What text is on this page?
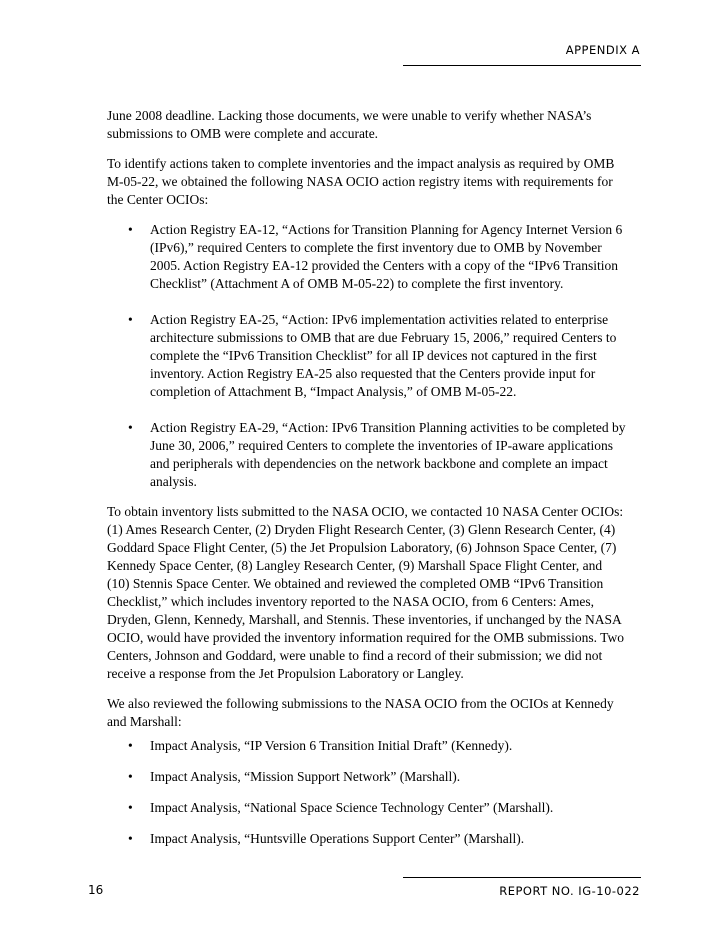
APPENDIX A

June 2008 deadline. Lacking those documents, we were unable to verify whether NASA’s submissions to OMB were complete and accurate.

To identify actions taken to complete inventories and the impact analysis as required by OMB M-05-22, we obtained the following NASA OCIO action registry items with requirements for the Center OCIOs:

• Action Registry EA-12, “Actions for Transition Planning for Agency Internet Version 6 (IPv6),” required Centers to complete the first inventory due to OMB by November 2005. Action Registry EA-12 provided the Centers with a copy of the “IPv6 Transition Checklist” (Attachment A of OMB M-05-22) to complete the first inventory.
• Action Registry EA-25, “Action: IPv6 implementation activities related to enterprise architecture submissions to OMB that are due February 15, 2006,” required Centers to complete the “IPv6 Transition Checklist” for all IP devices not captured in the first inventory. Action Registry EA-25 also requested that the Centers provide input for completion of Attachment B, “Impact Analysis,” of OMB M-05-22.
• Action Registry EA-29, “Action: IPv6 Transition Planning activities to be completed by June 30, 2006,” required Centers to complete the inventories of IP-aware applications and peripherals with dependencies on the network backbone and complete an impact analysis.

To obtain inventory lists submitted to the NASA OCIO, we contacted 10 NASA Center OCIOs: (1) Ames Research Center, (2) Dryden Flight Research Center, (3) Glenn Research Center, (4) Goddard Space Flight Center, (5) the Jet Propulsion Laboratory, (6) Johnson Space Center, (7) Kennedy Space Center, (8) Langley Research Center, (9) Marshall Space Flight Center, and (10) Stennis Space Center. We obtained and reviewed the completed OMB “IPv6 Transition Checklist,” which includes inventory reported to the NASA OCIO, from 6 Centers: Ames, Dryden, Glenn, Kennedy, Marshall, and Stennis. These inventories, if unchanged by the NASA OCIO, would have provided the inventory information required for the OMB submissions. Two Centers, Johnson and Goddard, were unable to find a record of their submission; we did not receive a response from the Jet Propulsion Laboratory or Langley.

We also reviewed the following submissions to the NASA OCIO from the OCIOs at Kennedy and Marshall:

• Impact Analysis, “IP Version 6 Transition Initial Draft” (Kennedy).
• Impact Analysis, “Mission Support Network” (Marshall).
• Impact Analysis, “National Space Science Technology Center” (Marshall).
• Impact Analysis, “Huntsville Operations Support Center” (Marshall).
16	REPORT NO. IG-10-022
